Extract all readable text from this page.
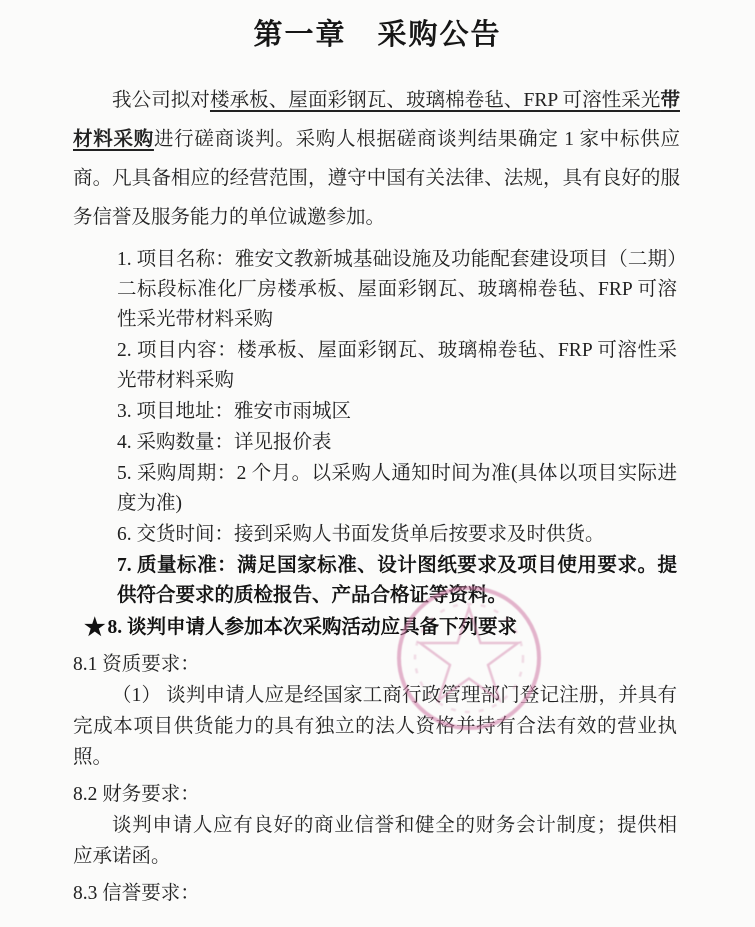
第一章　采购公告

我公司拟对楼承板、屋面彩钢瓦、玻璃棉卷毡、FRP 可溶性采光带材料采购进行磋商谈判。采购人根据磋商谈判结果确定 1 家中标供应商。凡具备相应的经营范围，遵守中国有关法律、法规，具有良好的服务信誉及服务能力的单位诚邀参加。

1. 项目名称：雅安文教新城基础设施及功能配套建设项目（二期）二标段标准化厂房楼承板、屋面彩钢瓦、玻璃棉卷毡、FRP 可溶性采光带材料采购
2. 项目内容：楼承板、屋面彩钢瓦、玻璃棉卷毡、FRP 可溶性采光带材料采购
3. 项目地址：雅安市雨城区
4. 采购数量：详见报价表
5. 采购周期：2 个月。以采购人通知时间为准(具体以项目实际进度为准)
6. 交货时间：接到采购人书面发货单后按要求及时供货。
7. 质量标准：满足国家标准、设计图纸要求及项目使用要求。提供符合要求的质检报告、产品合格证等资料。
★ 8. 谈判申请人参加本次采购活动应具备下列要求
8.1 资质要求：

（1） 谈判申请人应是经国家工商行政管理部门登记注册，并具有完成本项目供货能力的具有独立的法人资格并持有合法有效的营业执照。

8.2 财务要求：

谈判申请人应有良好的商业信誉和健全的财务会计制度；提供相应承诺函。

8.3 信誉要求：
